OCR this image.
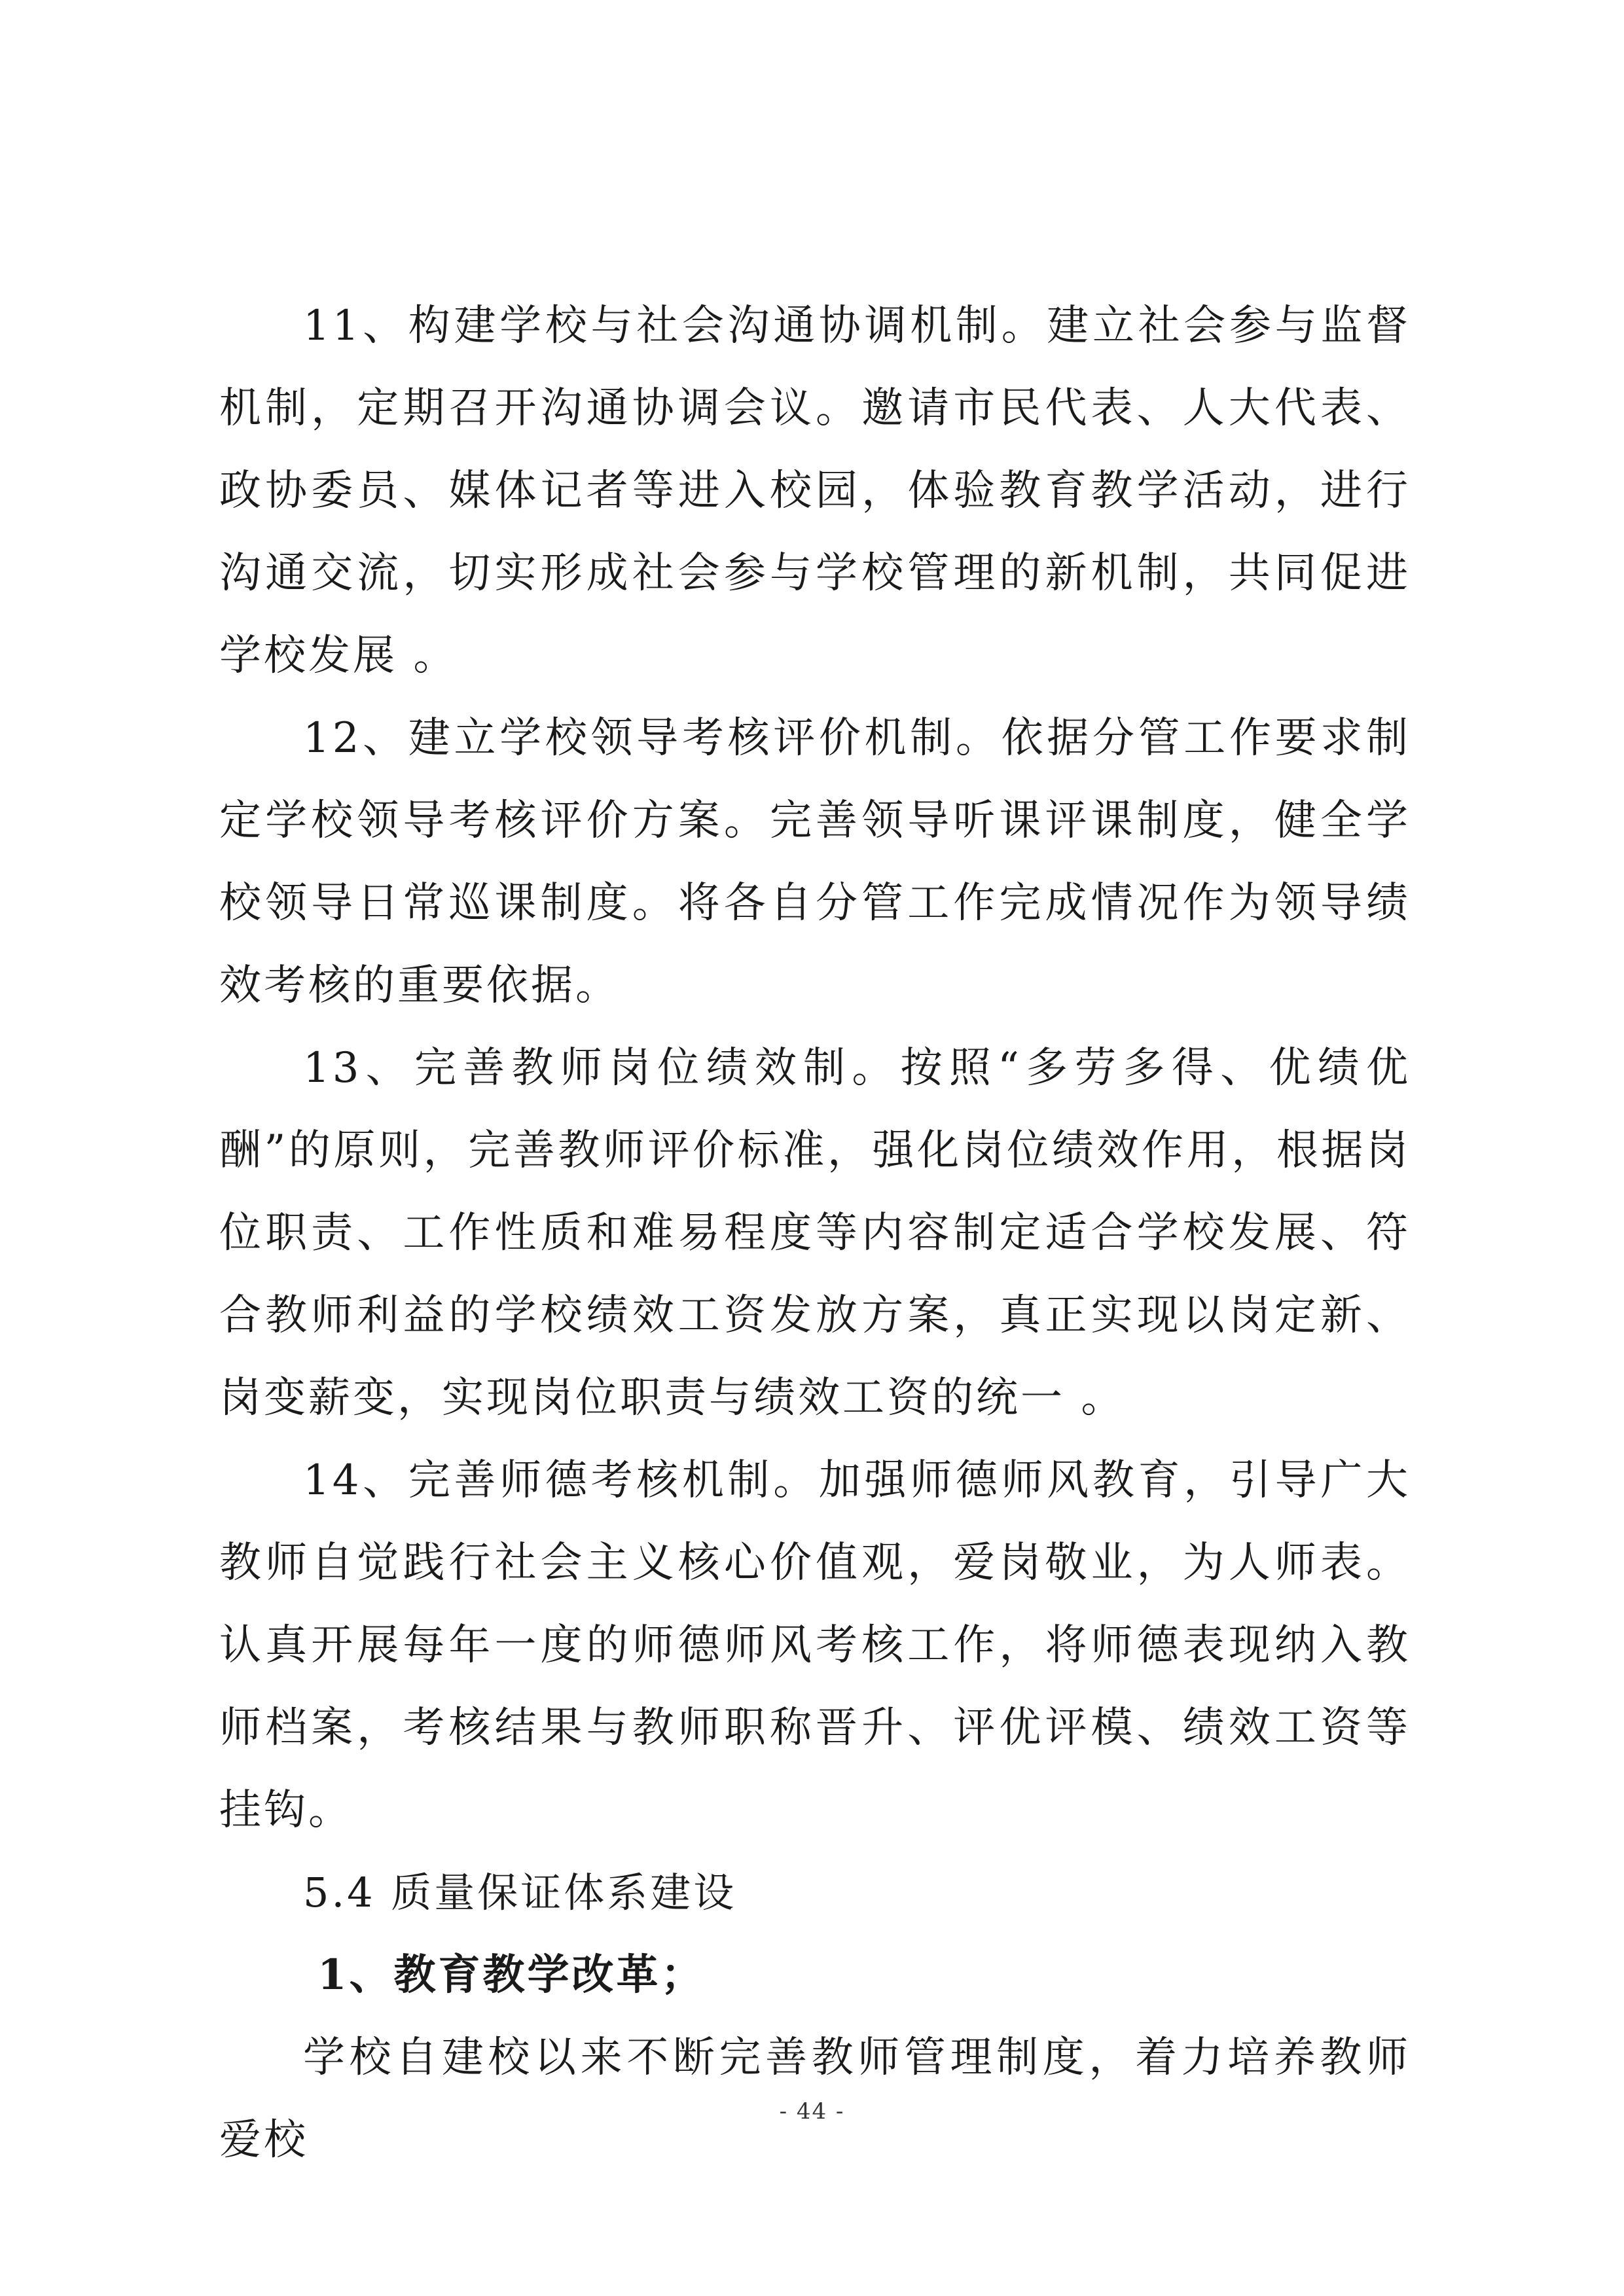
11、构建学校与社会沟通协调机制。建立社会参与监督机制，定期召开沟通协调会议。邀请市民代表、人大代表、政协委员、媒体记者等进入校园，体验教育教学活动，进行沟通交流，切实形成社会参与学校管理的新机制，共同促进学校发展 。

12、建立学校领导考核评价机制。依据分管工作要求制定学校领导考核评价方案。完善领导听课评课制度，健全学校领导日常巡课制度。将各自分管工作完成情况作为领导绩效考核的重要依据。

13、完善教师岗位绩效制。按照“多劳多得、优绩优酬”的原则，完善教师评价标准，强化岗位绩效作用，根据岗位职责、工作性质和难易程度等内容制定适合学校发展、符合教师利益的学校绩效工资发放方案，真正实现以岗定新、岗变薪变，实现岗位职责与绩效工资的统一 。

14、完善师德考核机制。加强师德师风教育，引导广大教师自觉践行社会主义核心价值观，爱岗敬业，为人师表。认真开展每年一度的师德师风考核工作，将师德表现纳入教师档案，考核结果与教师职称晋升、评优评模、绩效工资等挂钩。

5.4 质量保证体系建设

1、教育教学改革；

学校自建校以来不断完善教师管理制度，着力培养教师爱校

- 44 -
